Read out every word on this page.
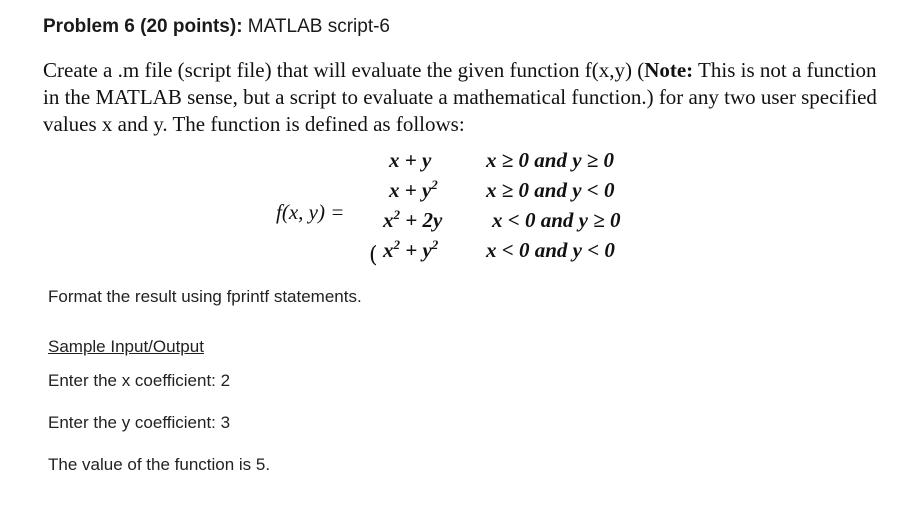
Problem 6 (20 points): MATLAB script-6
Create a .m file (script file) that will evaluate the given function f(x,y) (Note: This is not a function in the MATLAB sense, but a script to evaluate a mathematical function.) for any two user specified values x and y. The function is defined as follows:
f(x, y) =
x + y	x ≥ 0 and y ≥ 0
$x + y^2$ x ≥ 0 and y < 0
$x^2 + 2y$ x < 0 and y ≥ 0
( $x^2 + y^2$ x < 0 and y < 0
Format the result using fprintf statements.
Sample Input/Output
Enter the x coefficient: 2
Enter the y coefficient: 3
The value of the function is 5.
